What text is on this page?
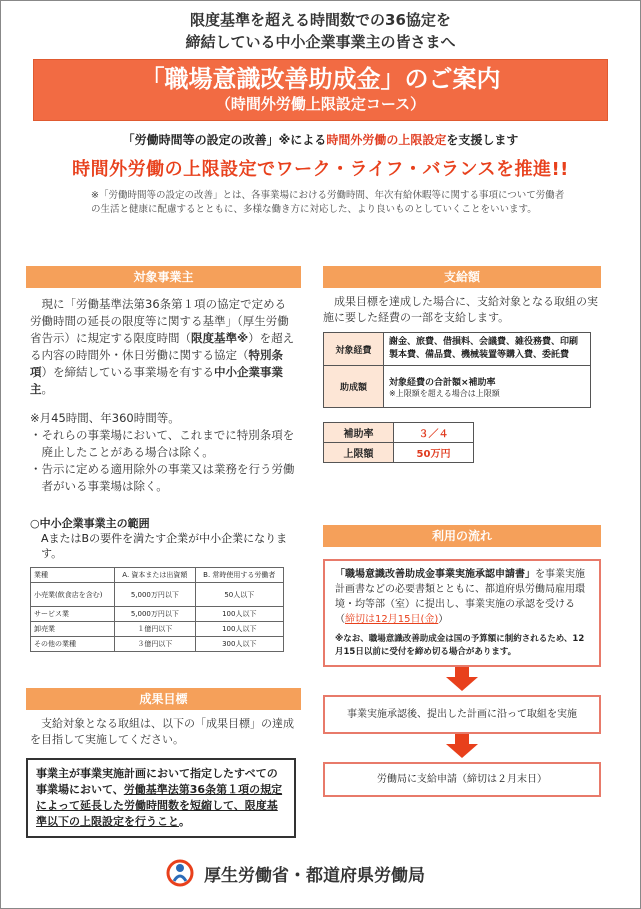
限度基準を超える時間数での36協定を
締結している中小企業事業主の皆さまへ
「職場意識改善助成金」のご案内
（時間外労働上限設定コース）
「労働時間等の設定の改善」※による時間外労働の上限設定を支援します
時間外労働の上限設定でワーク・ライフ・バランスを推進!!
※「労働時間等の設定の改善」とは、各事業場における労働時間、年次有給休暇等に関する事項について労働者の生活と健康に配慮するとともに、多様な働き方に対応した、より良いものとしていくことをいいます。
対象事業主
現に「労働基準法第36条第１項の協定で定める労働時間の延長の限度等に関する基準」（厚生労働省告示）に規定する限度時間（限度基準※）を超える内容の時間外・休日労働に関する協定（特別条項）を締結している事業場を有する中小企業事業主。
※月45時間、年360時間等。
・それらの事業場において、これまでに特別条項を廃止したことがある場合は除く。
・告示に定める適用除外の事業又は業務を行う労働者がいる事業場は除く。
○中小企業事業主の範囲
AまたはBの要件を満たす企業が中小企業になります。
業種	A. 資本または出資額	B. 常時使用する労働者
小売業(飲食店を含む)	5,000万円以下	50人以下
サービス業	5,000万円以下	100人以下
卸売業	１億円以下	100人以下
その他の業種	３億円以下	300人以下
成果目標
支給対象となる取組は、以下の「成果目標」の達成を目指して実施してください。
事業主が事業実施計画において指定したすべての事業場において、労働基準法第36条第１項の規定によって延長した労働時間数を短縮して、限度基準以下の上限設定を行うこと。
支給額
成果目標を達成した場合に、支給対象となる取組の実施に要した経費の一部を支給します。
対象経費	謝金、旅費、借損料、会議費、雑役務費、印刷製本費、備品費、機械装置等購入費、委託費
助成額	対象経費の合計額×補助率
※上限額を超える場合は上限額
補助率	３／４
上限額	50万円
利用の流れ
「職場意識改善助成金事業実施承認申請書」を事業実施計画書などの必要書類とともに、都道府県労働局雇用環境・均等部（室）に提出し、事業実施の承認を受ける（締切は12月15日(金)）
※なお、職場意識改善助成金は国の予算額に制約されるため、12月15日以前に受付を締め切る場合があります。
事業実施承認後、提出した計画に沿って取組を実施
労働局に支給申請（締切は２月末日）
厚生労働省・都道府県労働局
